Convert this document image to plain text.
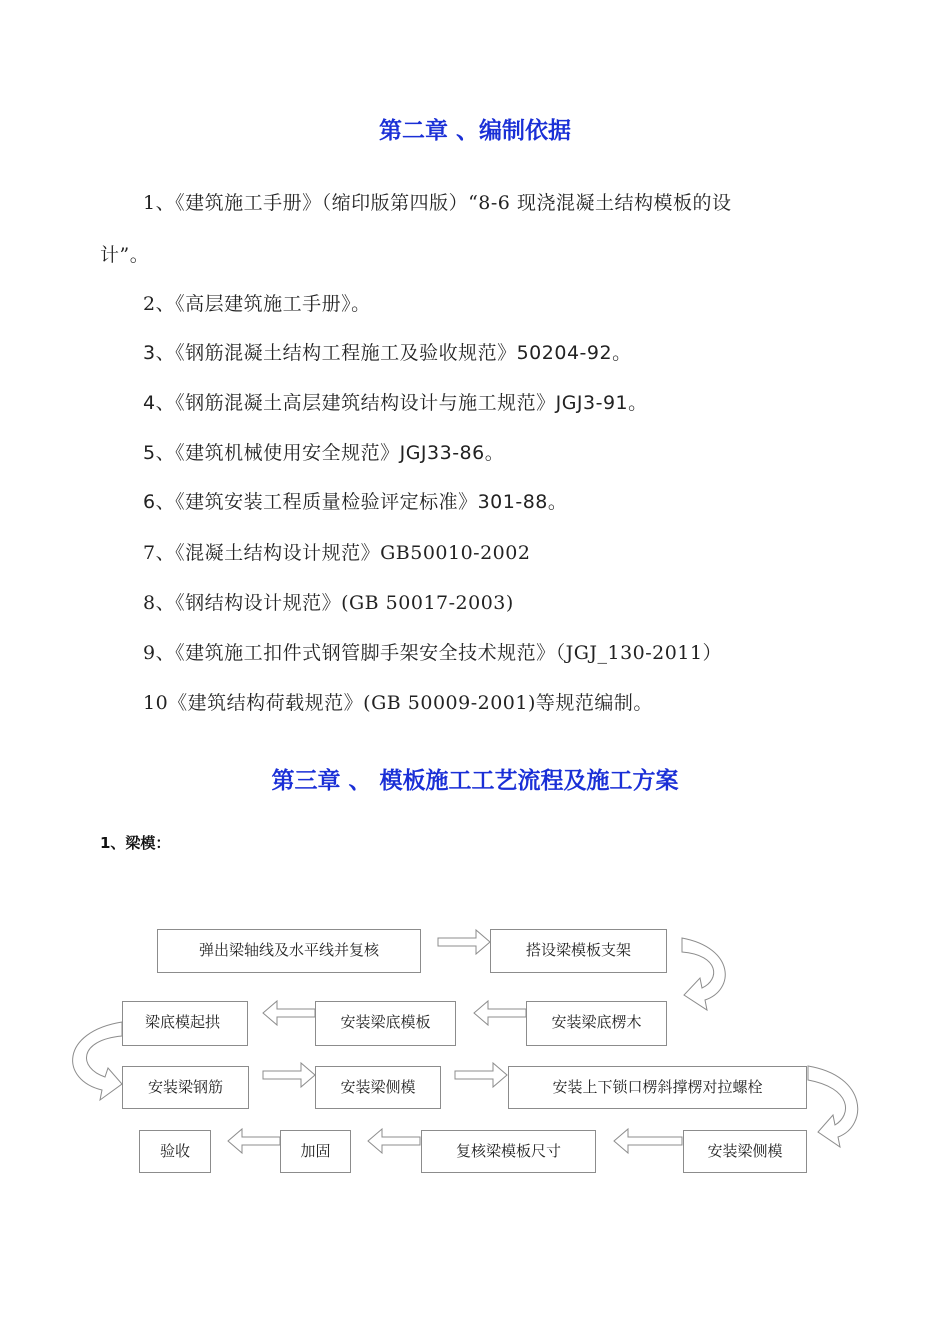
第二章 、编制依据
1、《建筑施工手册》（缩印版第四版）“8-6 现浇混凝土结构模板的设
计”。
2、《高层建筑施工手册》。
3、《钢筋混凝土结构工程施工及验收规范》50204-92。
4、《钢筋混凝土高层建筑结构设计与施工规范》JGJ3-91。
5、《建筑机械使用安全规范》JGJ33-86。
6、《建筑安装工程质量检验评定标准》301-88。
7、《混凝土结构设计规范》GB50010-2002
8、《钢结构设计规范》(GB 50017-2003)
9、《建筑施工扣件式钢管脚手架安全技术规范》（JGJ_130-2011）
10《建筑结构荷载规范》(GB 50009-2001)等规范编制。
第三章 、 模板施工工艺流程及施工方案
1、梁模：
弹出梁轴线及水平线并复核	搭设梁模板支架
安装梁底楞木
安装梁底模板
梁底模起拱
安装梁钢筋	安装梁侧模	安装上下锁口楞斜撑楞对拉螺栓
安装梁侧模
复核梁模板尺寸
加固
验收
